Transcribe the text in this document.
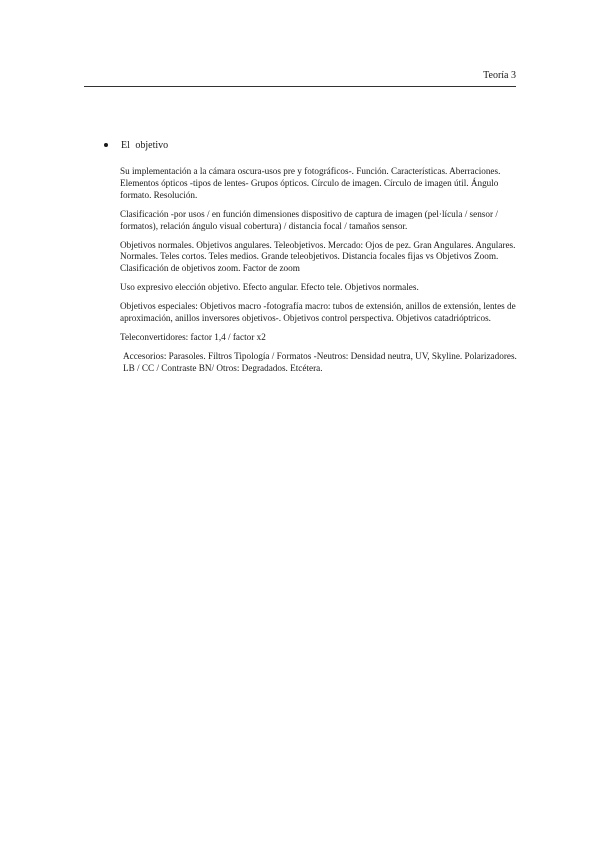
Teoría 3
El objetivo

Su implementación a la cámara oscura-usos pre y fotográficos-. Función. Características. Aberraciones. Elementos ópticos -tipos de lentes- Grupos ópticos. Círculo de imagen. Círculo de imagen útil. Ángulo formato. Resolución.

Clasificación -por usos / en función dimensiones dispositivo de captura de imagen (pel·lícula / sensor / formatos), relación ángulo visual cobertura) / distancia focal / tamaños sensor.

Objetivos normales. Objetivos angulares. Teleobjetivos. Mercado: Ojos de pez. Gran Angulares. Angulares. Normales. Teles cortos. Teles medios. Grande teleobjetivos. Distancia focales fijas vs Objetivos Zoom. Clasificación de objetivos zoom. Factor de zoom

Uso expresivo elección objetivo. Efecto angular. Efecto tele. Objetivos normales.

Objetivos especiales: Objetivos macro -fotografía macro: tubos de extensión, anillos de extensión, lentes de aproximación, anillos inversores objetivos-. Objetivos control perspectiva. Objetivos catadrióptricos.

Teleconvertidores: factor 1,4 / factor x2

Accesorios: Parasoles. Filtros Tipología / Formatos -Neutros: Densidad neutra, UV, Skyline. Polarizadores. LB / CC / Contraste BN/ Otros: Degradados. Etcétera.
